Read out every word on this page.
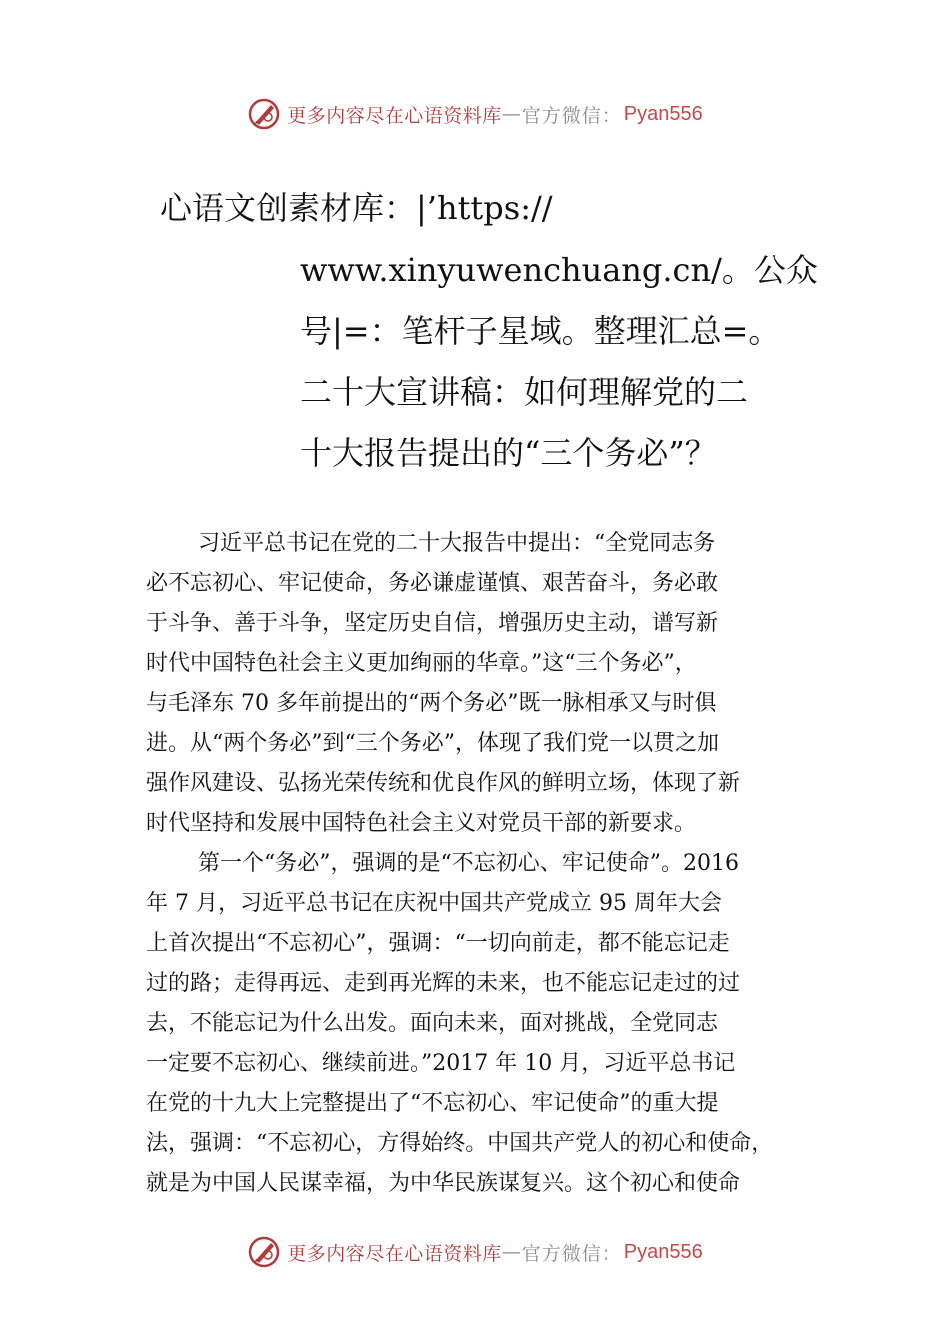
更多内容尽在心语资料库 — 官方微信： Pyan556
心语文创素材库：|’https://
www.xinyuwenchuang.cn/。公众
号|=：笔杆子星域。整理汇总=。
二十大宣讲稿：如何理解党的二
十大报告提出的“三个务必”？
习近平总书记在党的二十大报告中提出：“全党同志务
必不忘初心、牢记使命，务必谦虚谨慎、艰苦奋斗，务必敢
于斗争、善于斗争，坚定历史自信，增强历史主动，谱写新
时代中国特色社会主义更加绚丽的华章。”这“三个务必”，
与毛泽东 70 多年前提出的“两个务必”既一脉相承又与时俱
进。从“两个务必”到“三个务必”，体现了我们党一以贯之加
强作风建设、弘扬光荣传统和优良作风的鲜明立场，体现了新
时代坚持和发展中国特色社会主义对党员干部的新要求。
第一个“务必”，强调的是“不忘初心、牢记使命”。2016
年 7 月，习近平总书记在庆祝中国共产党成立 95 周年大会
上首次提出“不忘初心”，强调：“一切向前走，都不能忘记走
过的路；走得再远、走到再光辉的未来，也不能忘记走过的过
去，不能忘记为什么出发。面向未来，面对挑战，全党同志
一定要不忘初心、继续前进。”2017 年 10 月，习近平总书记
在党的十九大上完整提出了“不忘初心、牢记使命”的重大提
法，强调：“不忘初心，方得始终。中国共产党人的初心和使命，
就是为中国人民谋幸福，为中华民族谋复兴。这个初心和使命
更多内容尽在心语资料库 — 官方微信： Pyan556
